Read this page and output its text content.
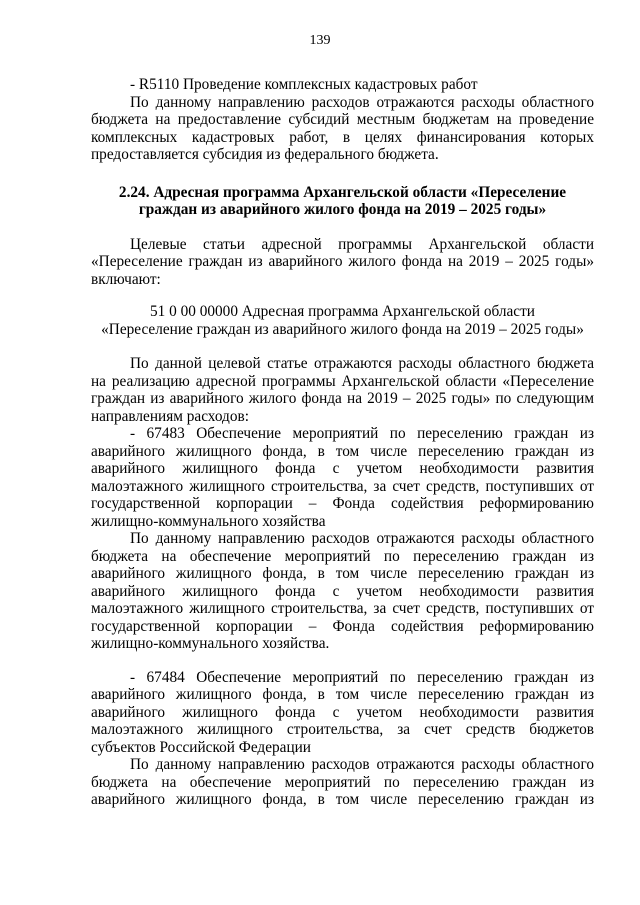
139

- R5110 Проведение комплексных кадастровых работ

По данному направлению расходов отражаются расходы областного бюджета на предоставление субсидий местным бюджетам на проведение комплексных кадастровых работ, в целях финансирования которых предоставляется субсидия из федерального бюджета.

2.24. Адресная программа Архангельской области «Переселение

граждан из аварийного жилого фонда на 2019 – 2025 годы»

Целевые статьи адресной программы Архангельской области «Переселение граждан из аварийного жилого фонда на 2019 – 2025 годы» включают:

51 0 00 00000 Адресная программа Архангельской области

«Переселение граждан из аварийного жилого фонда на 2019 – 2025 годы»

По данной целевой статье отражаются расходы областного бюджета на реализацию адресной программы Архангельской области «Переселение граждан из аварийного жилого фонда на 2019 – 2025 годы» по следующим направлениям расходов:

- 67483 Обеспечение мероприятий по переселению граждан из аварийного жилищного фонда, в том числе переселению граждан из аварийного жилищного фонда с учетом необходимости развития малоэтажного жилищного строительства, за счет средств, поступивших от государственной корпорации – Фонда содействия реформированию жилищно-коммунального хозяйства

По данному направлению расходов отражаются расходы областного бюджета на обеспечение мероприятий по переселению граждан из аварийного жилищного фонда, в том числе переселению граждан из аварийного жилищного фонда с учетом необходимости развития малоэтажного жилищного строительства, за счет средств, поступивших от государственной корпорации – Фонда содействия реформированию жилищно-коммунального хозяйства.

- 67484 Обеспечение мероприятий по переселению граждан из аварийного жилищного фонда, в том числе переселению граждан из аварийного жилищного фонда с учетом необходимости развития малоэтажного жилищного строительства, за счет средств бюджетов субъектов Российской Федерации

По данному направлению расходов отражаются расходы областного бюджета на обеспечение мероприятий по переселению граждан из аварийного жилищного фонда, в том числе переселению граждан из
